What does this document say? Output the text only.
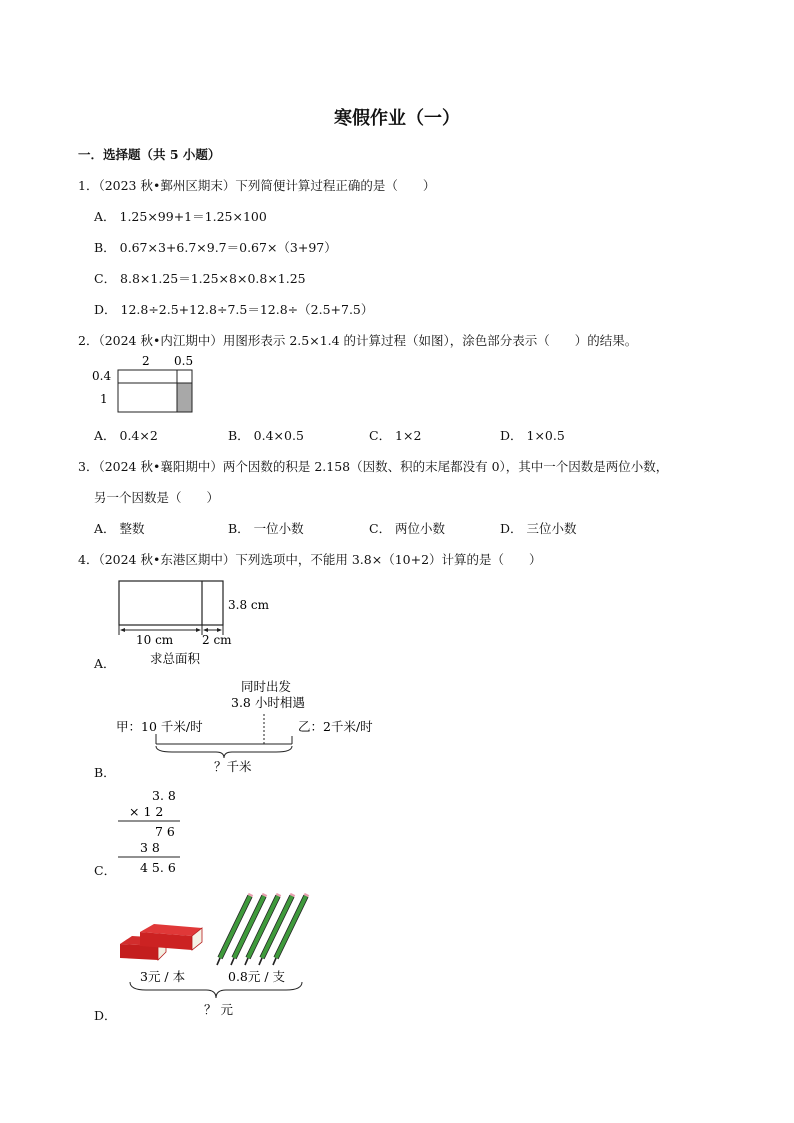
寒假作业（一）
一．选择题（共 5 小题）
1．（2023 秋•鄞州区期末）下列简便计算过程正确的是（　　）
A． 1.25×99+1＝1.25×100
B． 0.67×3+6.7×9.7＝0.67×（3+97）
C． 8.8×1.25＝1.25×8×0.8×1.25
D． 12.8÷2.5+12.8÷7.5＝12.8÷（2.5+7.5）
2．（2024 秋•内江期中）用图形表示 2.5×1.4 的计算过程（如图），涂色部分表示（　　）的结果。
2 0.5
0.4
1
A． 0.4×2	B． 0.4×0.5	C． 1×2	D． 1×0.5
3．（2024 秋•襄阳期中）两个因数的积是 2.158（因数、积的末尾都没有 0），其中一个因数是两位小数，
另一个因数是（　　）
A． 整数	B． 一位小数	C． 两位小数	D． 三位小数
4．（2024 秋•东港区期中）下列选项中，不能用 3.8×（10+2）计算的是（　　）
3.8 cm
10 cm 2 cm
求总面积
A．
同时出发
3.8 小时相遇
甲：10 千米/时	乙：2千米/时
？千米
B．
3. 8
× 1 2
7 6
3 8
4 5. 6
C．
3元 / 本	0.8元 / 支
？ 元
D．
